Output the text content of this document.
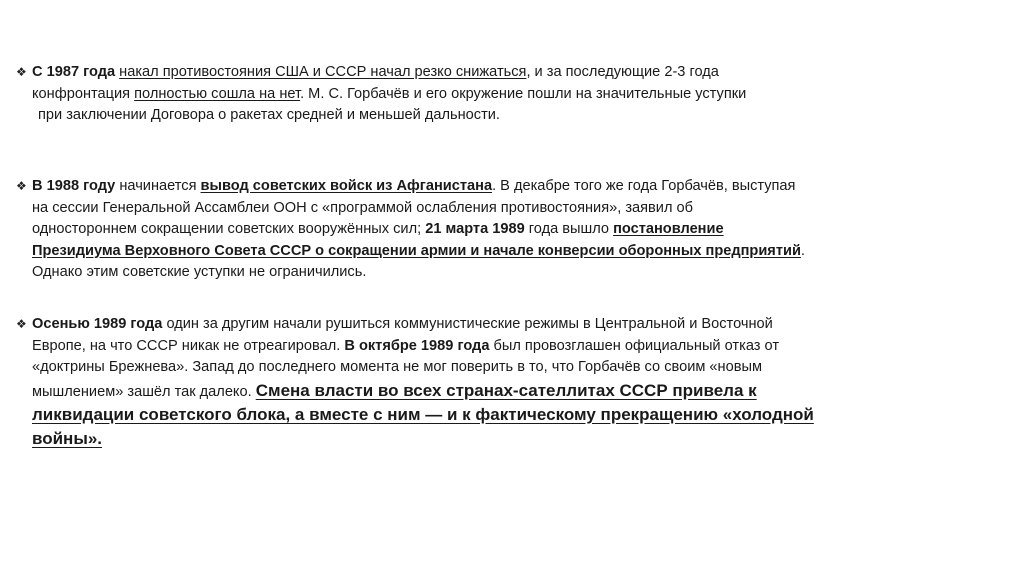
❖ С 1987 года накал противостояния США и СССР начал резко снижаться, и за последующие 2-3 года
конфронтация полностью сошла на нет. М. С. Горбачёв и его окружение пошли на значительные уступки
при заключении Договора о ракетах средней и меньшей дальности.
❖ В 1988 году начинается вывод советских войск из Афганистана. В декабре того же года Горбачёв, выступая
на сессии Генеральной Ассамблеи ООН с «программой ослабления противостояния», заявил об
одностороннем сокращении советских вооружённых сил; 21 марта 1989 года вышло постановление
Президиума Верховного Совета СССР о сокращении армии и начале конверсии оборонных предприятий.
Однако этим советские уступки не ограничились.
❖ Осенью 1989 года один за другим начали рушиться коммунистические режимы в Центральной и Восточной
Европе, на что СССР никак не отреагировал. В октябре 1989 года был провозглашен официальный отказ от
«доктрины Брежнева». Запад до последнего момента не мог поверить в то, что Горбачёв со своим «новым
мышлением» зашёл так далеко. Смена власти во всех странах-сателлитах СССР привела к
ликвидации советского блока, а вместе с ним — и к фактическому прекращению «холодной
войны».
